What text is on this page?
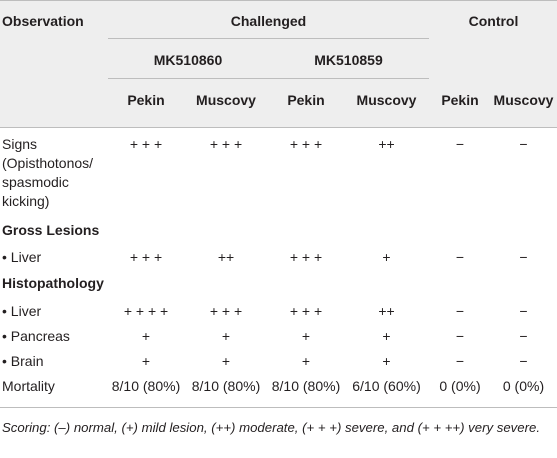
Observation	Challenged	Control
MK510860	MK510859
Pekin	Muscovy	Pekin	Muscovy	Pekin	Muscovy
Signs
(Opisthotonos/
spasmodic
kicking)
+ + +	+ + +	+ + +	++	−	−
Gross Lesions
• Liver	+ + +	++	+ + +	+	−	−
Histopathology
• Liver	+ + + +	+ + +	+ + +	++	−	−
• Pancreas	+	+	+	+	−	−
• Brain	+	+	+	+	−	−
Mortality	8/10 (80%) 8/10 (80%) 8/10 (80%) 6/10 (60%)	0 (0%)	0 (0%)
Scoring: (–) normal, (+) mild lesion, (++) moderate, (+ + +) severe, and (+ + ++) very severe.
